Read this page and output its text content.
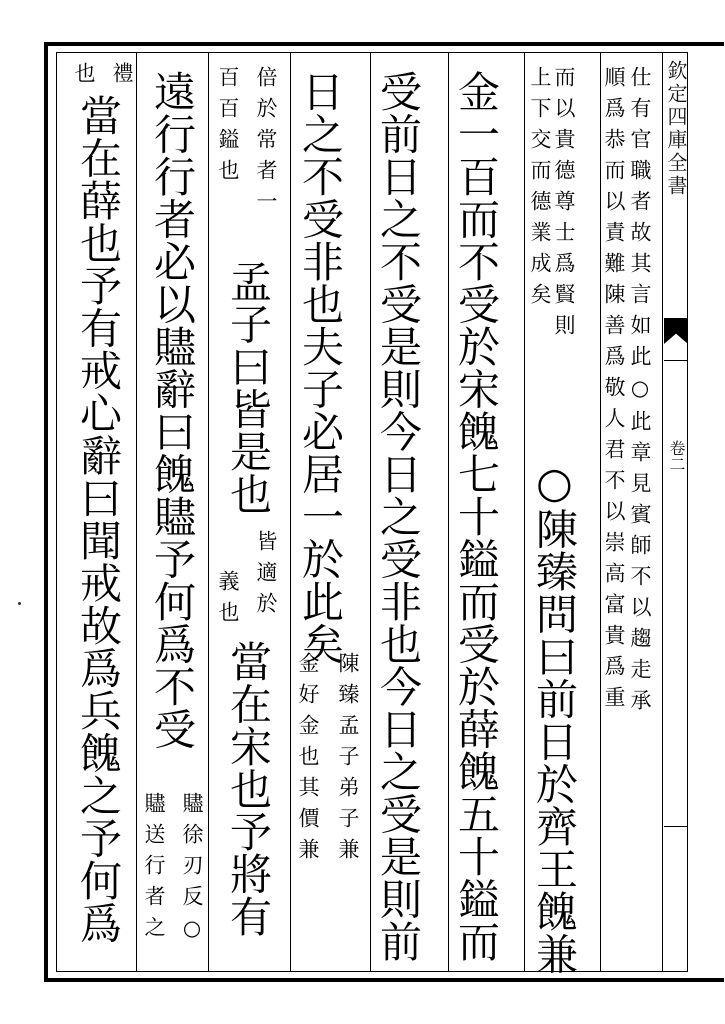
欽定四庫全書
卷二
仕有官職者故其言如此○此章見賓師不以趨走承
順爲恭而以責難陳善爲敬人君不以崇高富貴爲重
而以貴德尊士爲賢則
上下交而德業成矣
○陳臻問曰前日於齊王餽兼
金一百而不受於宋餽七十鎰而受於薛餽五十鎰而
受前日之不受是則今日之受非也今日之受是則前
日之不受非也夫子必居一於此矣
陳臻孟子弟子兼
金好金也其價兼
倍於常者一
百百鎰也
孟子曰皆是也
皆適於
義也
當在宋也予將有
遠行行者必以贐辭曰餽贐予何爲不受
贐徐刃反○
贐送行者之
禮
也
當在薛也予有戒心辭曰聞戒故爲兵餽之予何爲
